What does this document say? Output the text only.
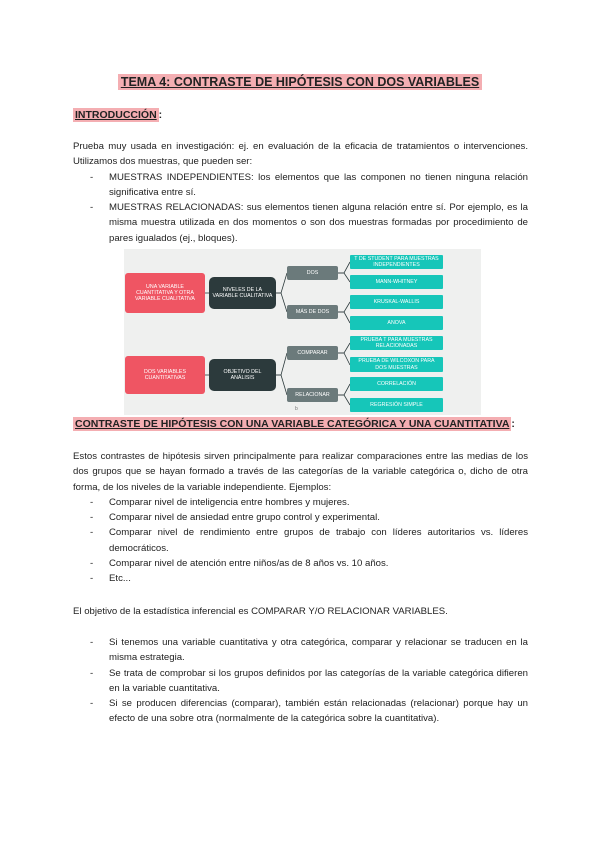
TEMA 4: CONTRASTE DE HIPÓTESIS CON DOS VARIABLES
INTRODUCCIÓN :
Prueba muy usada en investigación: ej. en evaluación de la eficacia de tratamientos o intervenciones. Utilizamos dos muestras, que pueden ser:
- MUESTRAS INDEPENDIENTES: los elementos que las componen no tienen ninguna relación significativa entre sí.
- MUESTRAS RELACIONADAS: sus elementos tienen alguna relación entre sí. Por ejemplo, es la misma muestra utilizada en dos momentos o son dos muestras formadas por procedimiento de pares igualados (ej., bloques).
UNA VARIABLE CUANTITATIVA Y OTRA VARIABLE CUALITATIVA
DOS VARIABLES CUANTITATIVAS
NIVELES DE LA VARIABLE CUALITATIVA
OBJETIVO DEL ANÁLISIS
DOS
MÁS DE DOS
COMPARAR
RELACIONAR
T DE STUDENT PARA MUESTRAS INDEPENDIENTES
MANN-WHITNEY
KRUSKAL-WALLIS
ANOVA
PRUEBA T PARA MUESTRAS RELACIONADAS
PRUEBA DE WILCOXON PARA DOS MUESTRAS
CORRELACIÓN
REGRESIÓN SIMPLE
b
CONTRASTE DE HIPÓTESIS CON UNA VARIABLE CATEGÓRICA Y UNA CUANTITATIVA :
Estos contrastes de hipótesis sirven principalmente para realizar comparaciones entre las medias de los dos grupos que se hayan formado a través de las categorías de la variable categórica o, dicho de otra forma, de los niveles de la variable independiente. Ejemplos:
- Comparar nivel de inteligencia entre hombres y mujeres.
- Comparar nivel de ansiedad entre grupo control y experimental.
- Comparar nivel de rendimiento entre grupos de trabajo con líderes autoritarios vs. líderes democráticos.
- Comparar nivel de atención entre niños/as de 8 años vs. 10 años.
- Etc...
El objetivo de la estadística inferencial es COMPARAR Y/O RELACIONAR VARIABLES.
- Si tenemos una variable cuantitativa y otra categórica, comparar y relacionar se traducen en la misma estrategia.
- Se trata de comprobar si los grupos definidos por las categorías de la variable categórica difieren en la variable cuantitativa.
- Si se producen diferencias (comparar), también están relacionadas (relacionar) porque hay un efecto de una sobre otra (normalmente de la categórica sobre la cuantitativa).
